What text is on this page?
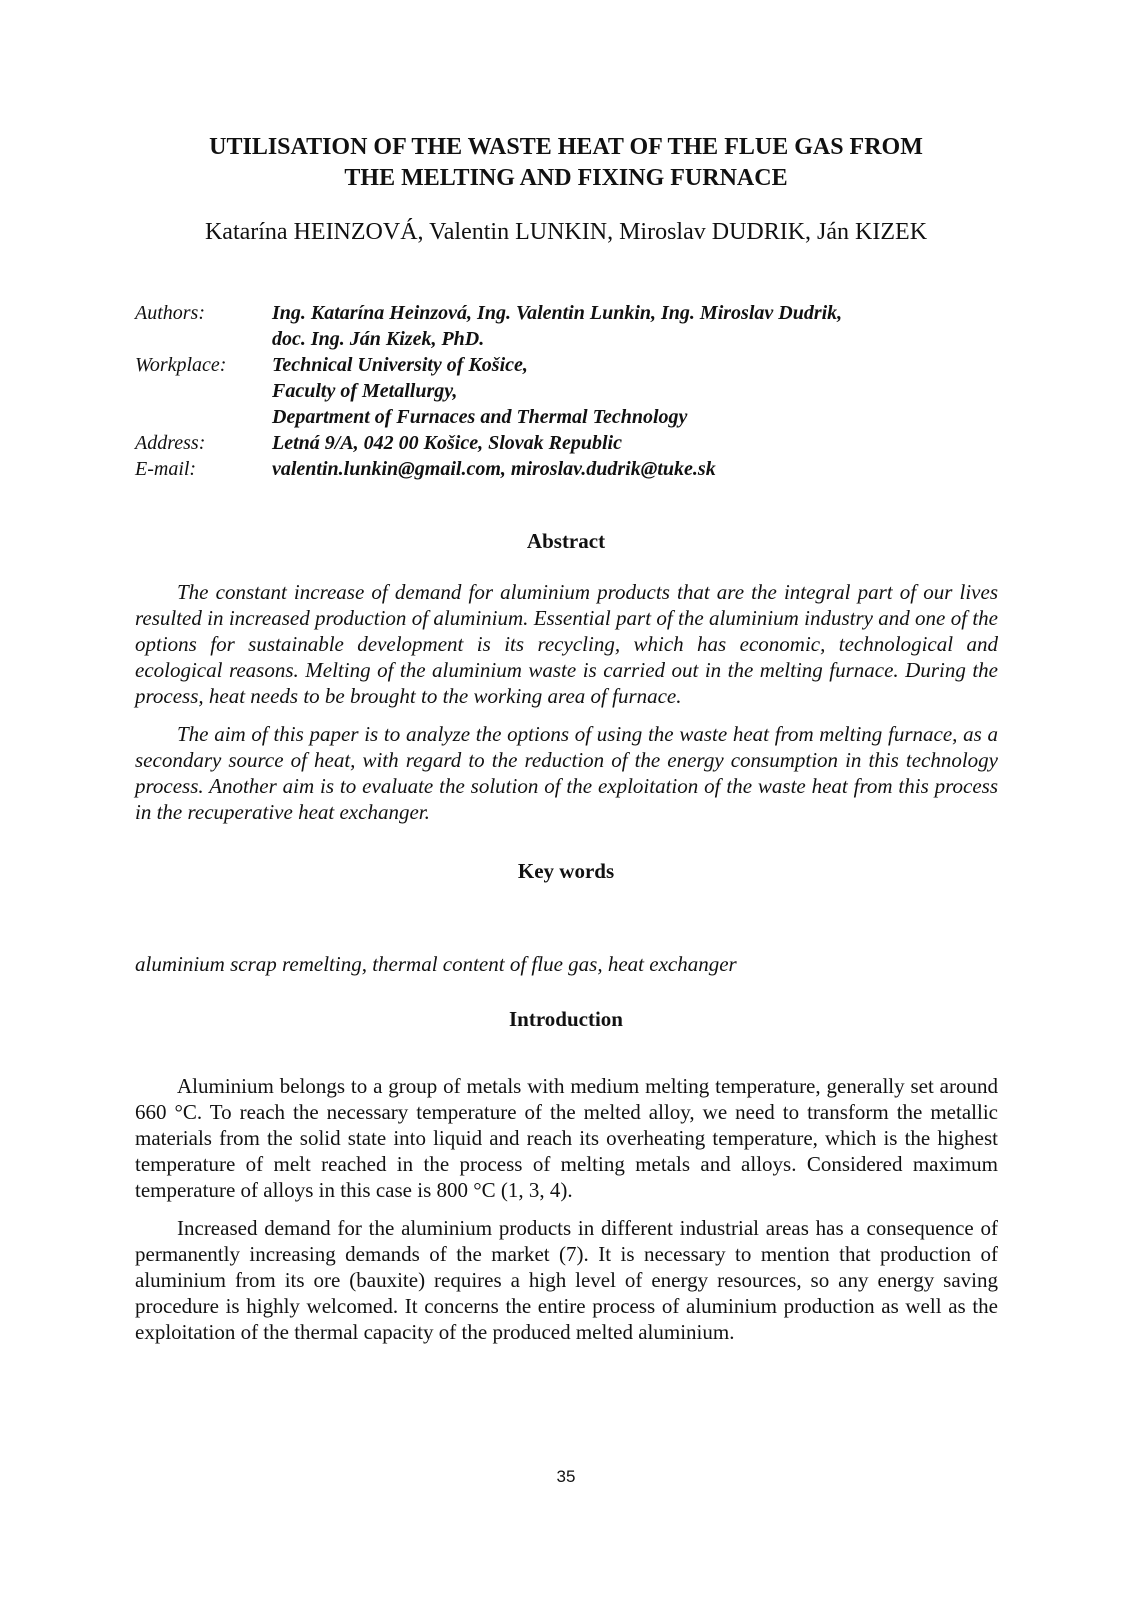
UTILISATION OF THE WASTE HEAT OF THE FLUE GAS FROM
THE MELTING AND FIXING FURNACE

Katarína HEINZOVÁ, Valentin LUNKIN, Miroslav DUDRIK, Ján KIZEK

Authors:	Ing. Katarína Heinzová, Ing. Valentin Lunkin, Ing. Miroslav Dudrik,
doc. Ing. Ján Kizek, PhD.
Workplace:	Technical University of Košice,
Faculty of Metallurgy,
Department of Furnaces and Thermal Technology
Address:	Letná 9/A, 042 00 Košice, Slovak Republic
E-mail:	valentin.lunkin@gmail.com, miroslav.dudrik@tuke.sk
Abstract

The constant increase of demand for aluminium products that are the integral part of our lives resulted in increased production of aluminium. Essential part of the aluminium industry and one of the options for sustainable development is its recycling, which has economic, technological and ecological reasons. Melting of the aluminium waste is carried out in the melting furnace. During the process, heat needs to be brought to the working area of furnace.

The aim of this paper is to analyze the options of using the waste heat from melting furnace, as a secondary source of heat, with regard to the reduction of the energy consumption in this technology process. Another aim is to evaluate the solution of the exploitation of the waste heat from this process in the recuperative heat exchanger.

Key words

aluminium scrap remelting, thermal content of flue gas, heat exchanger

Introduction

Aluminium belongs to a group of metals with medium melting temperature, generally set around 660 °C. To reach the necessary temperature of the melted alloy, we need to transform the metallic materials from the solid state into liquid and reach its overheating temperature, which is the highest temperature of melt reached in the process of melting metals and alloys. Considered maximum temperature of alloys in this case is 800 °C (1, 3, 4).

Increased demand for the aluminium products in different industrial areas has a consequence of permanently increasing demands of the market (7). It is necessary to mention that production of aluminium from its ore (bauxite) requires a high level of energy resources, so any energy saving procedure is highly welcomed. It concerns the entire process of aluminium production as well as the exploitation of the thermal capacity of the produced melted aluminium.

35
